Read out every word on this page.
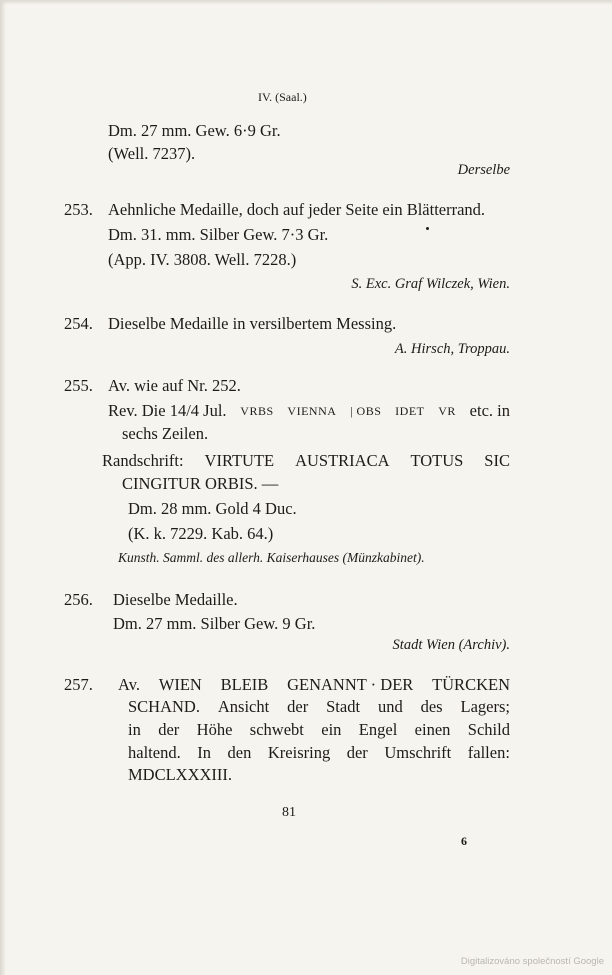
IV. (Saal.)
Dm. 27 mm. Gew. 6·9 Gr.
(Well. 7237).
Derselbe
253. Aehnliche Medaille, doch auf jeder Seite ein Blätterrand.
Dm. 31. mm. Silber Gew. 7·3 Gr.
(App. IV. 3808. Well. 7228.)
S. Exc. Graf Wilczek, Wien.
254. Dieselbe Medaille in versilbertem Messing.
A. Hirsch, Troppau.
255. Av. wie auf Nr. 252.
Rev. Die 14/4 Jul. VRBS VIENNA | OBS IDET VR etc. in
sechs Zeilen.
Randschrift: VIRTUTE AUSTRIACA TOTUS SIC
CINGITUR ORBIS. —
Dm. 28 mm. Gold 4 Duc.
(K. k. 7229. Kab. 64.)
Kunsth. Samml. des allerh. Kaiserhauses (Münzkabinet).
256. Dieselbe Medaille.
Dm. 27 mm. Silber Gew. 9 Gr.
Stadt Wien (Archiv).
257. Av. WIEN BLEIB GENANNT · DER TÜRCKEN
SCHAND. Ansicht der Stadt und des Lagers;
in der Höhe schwebt ein Engel einen Schild
haltend. In den Kreisring der Umschrift fallen:
MDCLXXXIII.
81
6
Digitalizováno společností Google
